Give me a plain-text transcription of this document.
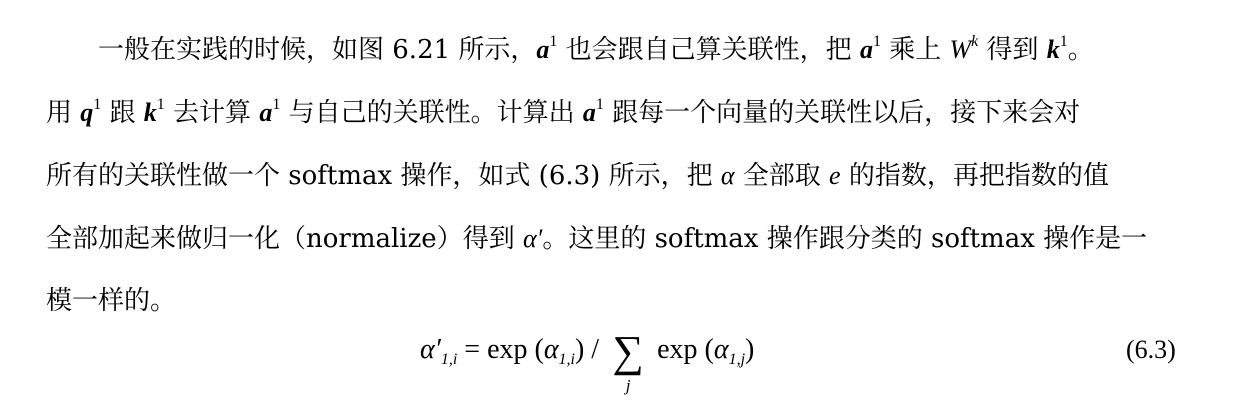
一般在实践的时候，如图 6.21 所示，$a^1$ 也会跟自己算关联性，把 $a^1$ 乘上 $W^k$ 得到 $k^1$。
用 $q^1$ 跟 $k^1$ 去计算 $a^1$ 与自己的关联性。计算出 $a^1$ 跟每一个向量的关联性以后，接下来会对
所有的关联性做一个 softmax 操作，如式 (6.3) 所示，把 α 全部取 e 的指数，再把指数的值
全部加起来做归一化（normalize）得到 α′。这里的 softmax 操作跟分类的 softmax 操作是一
模一样的。
$\alpha'_{1,i} = \exp (\alpha_{1,i})$ / ∑
j
$\exp (\alpha_{1,j})$	(6.3)
